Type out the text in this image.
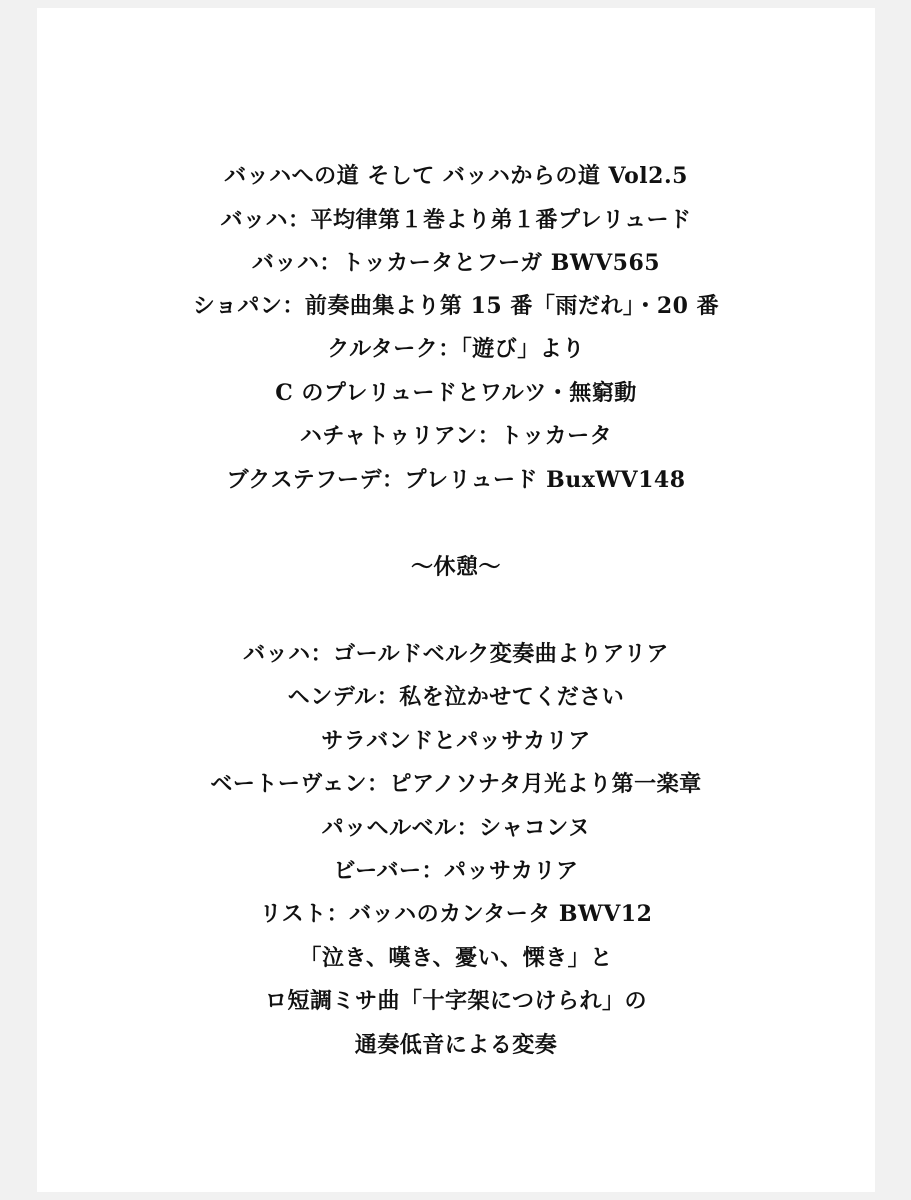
バッハへの道 そして バッハからの道 Vol2.5
バッハ：平均律第１巻より弟１番プレリュード
バッハ：トッカータとフーガ BWV565
ショパン：前奏曲集より第 15 番「雨だれ」・20 番
クルターク：「遊び」より
C のプレリュードとワルツ・無窮動
ハチャトゥリアン：トッカータ
ブクステフーデ：プレリュード BuxWV148
〜休憩〜
バッハ：ゴールドベルク変奏曲よりアリア
ヘンデル：私を泣かせてください
サラバンドとパッサカリア
ベートーヴェン：ピアノソナタ月光より第一楽章
パッヘルベル：シャコンヌ
ビーバー：パッサカリア
リスト：バッハのカンタータ BWV12
「泣き、嘆き、憂い、慄き」と
ロ短調ミサ曲「十字架につけられ」の
通奏低音による変奏
